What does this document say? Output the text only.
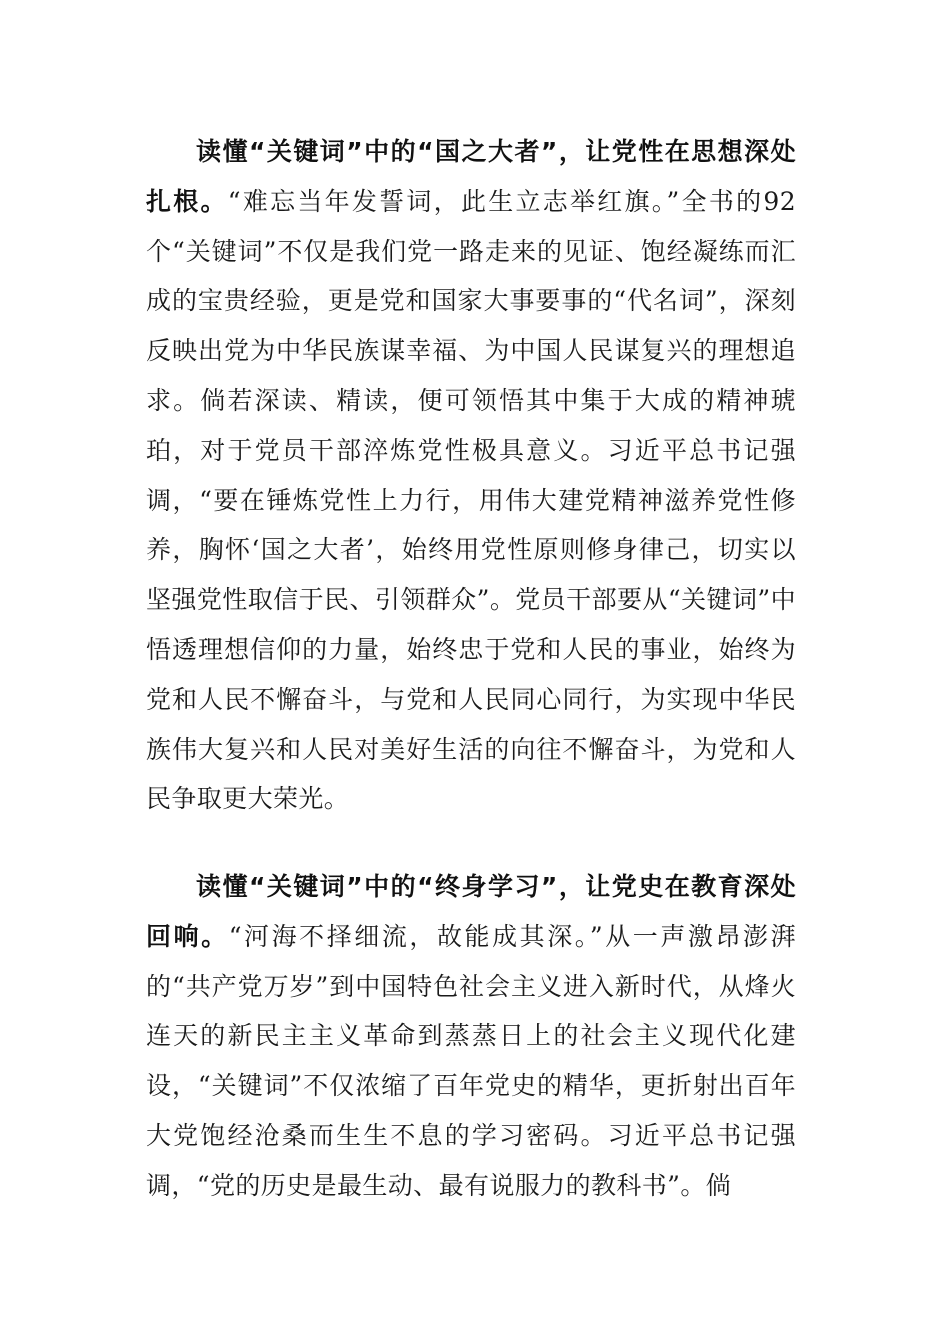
读懂“关键词”中的“国之大者”，让党性在思想深处扎根。“难忘当年发誓词，此生立志举红旗。”全书的92个“关键词”不仅是我们党一路走来的见证、饱经凝练而汇成的宝贵经验，更是党和国家大事要事的“代名词”，深刻反映出党为中华民族谋幸福、为中国人民谋复兴的理想追求。倘若深读、精读，便可领悟其中集于大成的精神琥珀，对于党员干部淬炼党性极具意义。习近平总书记强调，“要在锤炼党性上力行，用伟大建党精神滋养党性修养，胸怀‘国之大者’，始终用党性原则修身律己，切实以坚强党性取信于民、引领群众”。党员干部要从“关键词”中悟透理想信仰的力量，始终忠于党和人民的事业，始终为党和人民不懈奋斗，与党和人民同心同行，为实现中华民族伟大复兴和人民对美好生活的向往不懈奋斗，为党和人民争取更大荣光。

读懂“关键词”中的“终身学习”，让党史在教育深处回响。“河海不择细流，故能成其深。”从一声激昂澎湃的“共产党万岁”到中国特色社会主义进入新时代，从烽火连天的新民主主义革命到蒸蒸日上的社会主义现代化建设，“关键词”不仅浓缩了百年党史的精华，更折射出百年大党饱经沧桑而生生不息的学习密码。习近平总书记强调，“党的历史是最生动、最有说服力的教科书”。倘
